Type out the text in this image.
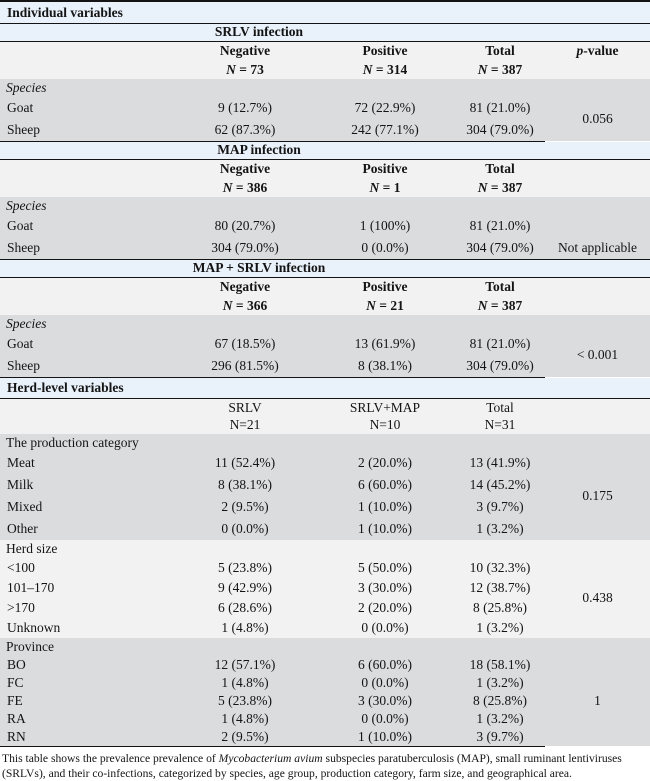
Individual variables				
SRLV infection				
	Negative	Positive	Total	p-value
	N = 73	N = 314	N = 387	
Species				
Goat	9 (12.7%)	72 (22.9%)	81 (21.0%)	0.056
Sheep	62 (87.3%)	242 (77.1%)	304 (79.0%)	
MAP infection				
	Negative	Positive	Total	
	N = 386	N = 1	N = 387	
Species				
Goat	80 (20.7%)	1 (100%)	81 (21.0%)	
Sheep	304 (79.0%)	0 (0.0%)	304 (79.0%)	Not applicable
MAP + SRLV infection				
	Negative	Positive	Total	
	N = 366	N = 21	N = 387	
Species				
Goat	67 (18.5%)	13 (61.9%)	81 (21.0%)	< 0.001
Sheep	296 (81.5%)	8 (38.1%)	304 (79.0%)	
Herd-level variables				
	SRLV	SRLV+MAP	Total	
	N=21	N=10	N=31	
The production category				
Meat	11 (52.4%)	2 (20.0%)	13 (41.9%)	0.175
Milk	8 (38.1%)	6 (60.0%)	14 (45.2%)	
Mixed	2 (9.5%)	1 (10.0%)	3 (9.7%)	
Other	0 (0.0%)	1 (10.0%)	1 (3.2%)	
Herd size				
<100	5 (23.8%)	5 (50.0%)	10 (32.3%)	0.438
101–170	9 (42.9%)	3 (30.0%)	12 (38.7%)	
>170	6 (28.6%)	2 (20.0%)	8 (25.8%)	
Unknown	1 (4.8%)	0 (0.0%)	1 (3.2%)	
Province				
BO	12 (57.1%)	6 (60.0%)	18 (58.1%)	1
FC	1 (4.8%)	0 (0.0%)	1 (3.2%)	
FE	5 (23.8%)	3 (30.0%)	8 (25.8%)	
RA	1 (4.8%)	0 (0.0%)	1 (3.2%)	
RN	2 (9.5%)	1 (10.0%)	3 (9.7%)	
This table shows the prevalence prevalence of Mycobacterium avium subspecies paratuberculosis (MAP), small ruminant lentiviruses (SRLVs), and their co-infections, categorized by species, age group, production category, farm size, and geographical area.
